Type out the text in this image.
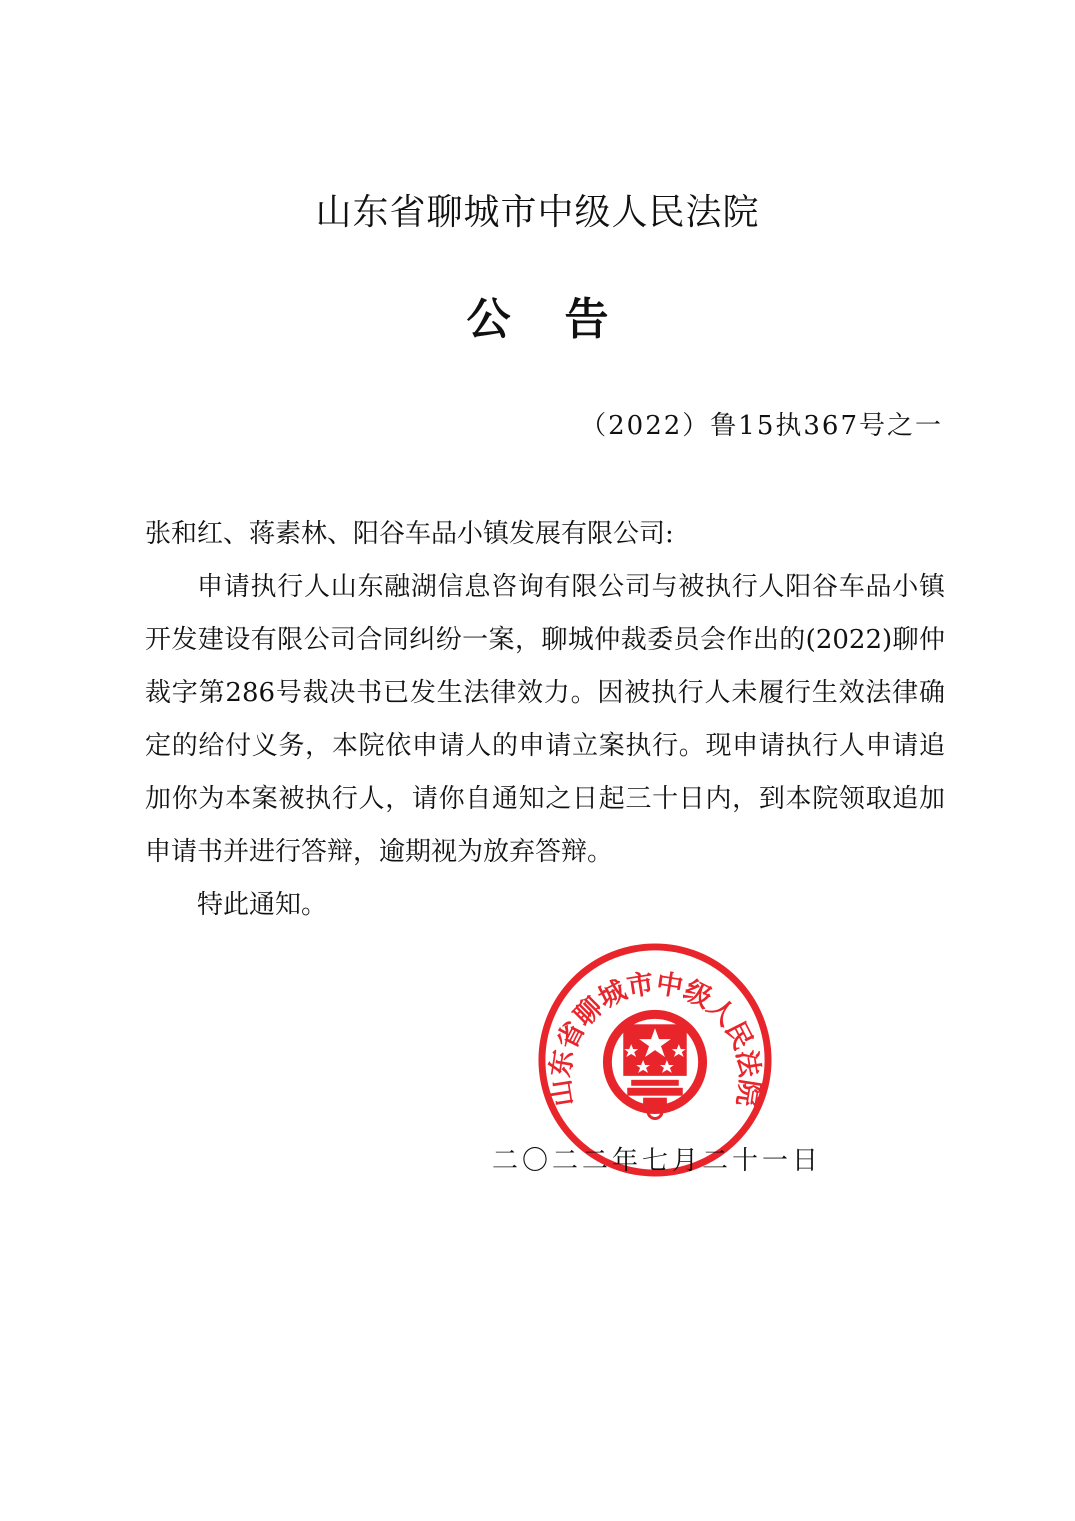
山东省聊城市中级人民法院
公告
（2022）鲁15执367号之一

张和红、蒋素林、阳谷车品小镇发展有限公司:

申请执行人山东融湖信息咨询有限公司与被执行人阳谷车品小镇开发建设有限公司合同纠纷一案，聊城仲裁委员会作出的(2022)聊仲裁字第286号裁决书已发生法律效力。因被执行人未履行生效法律确定的给付义务，本院依申请人的申请立案执行。现申请执行人申请追加你为本案被执行人，请你自通知之日起三十日内，到本院领取追加申请书并进行答辩，逾期视为放弃答辩。

特此通知。

二〇二二年七月二十一日
山东省聊城市中级人民法院
